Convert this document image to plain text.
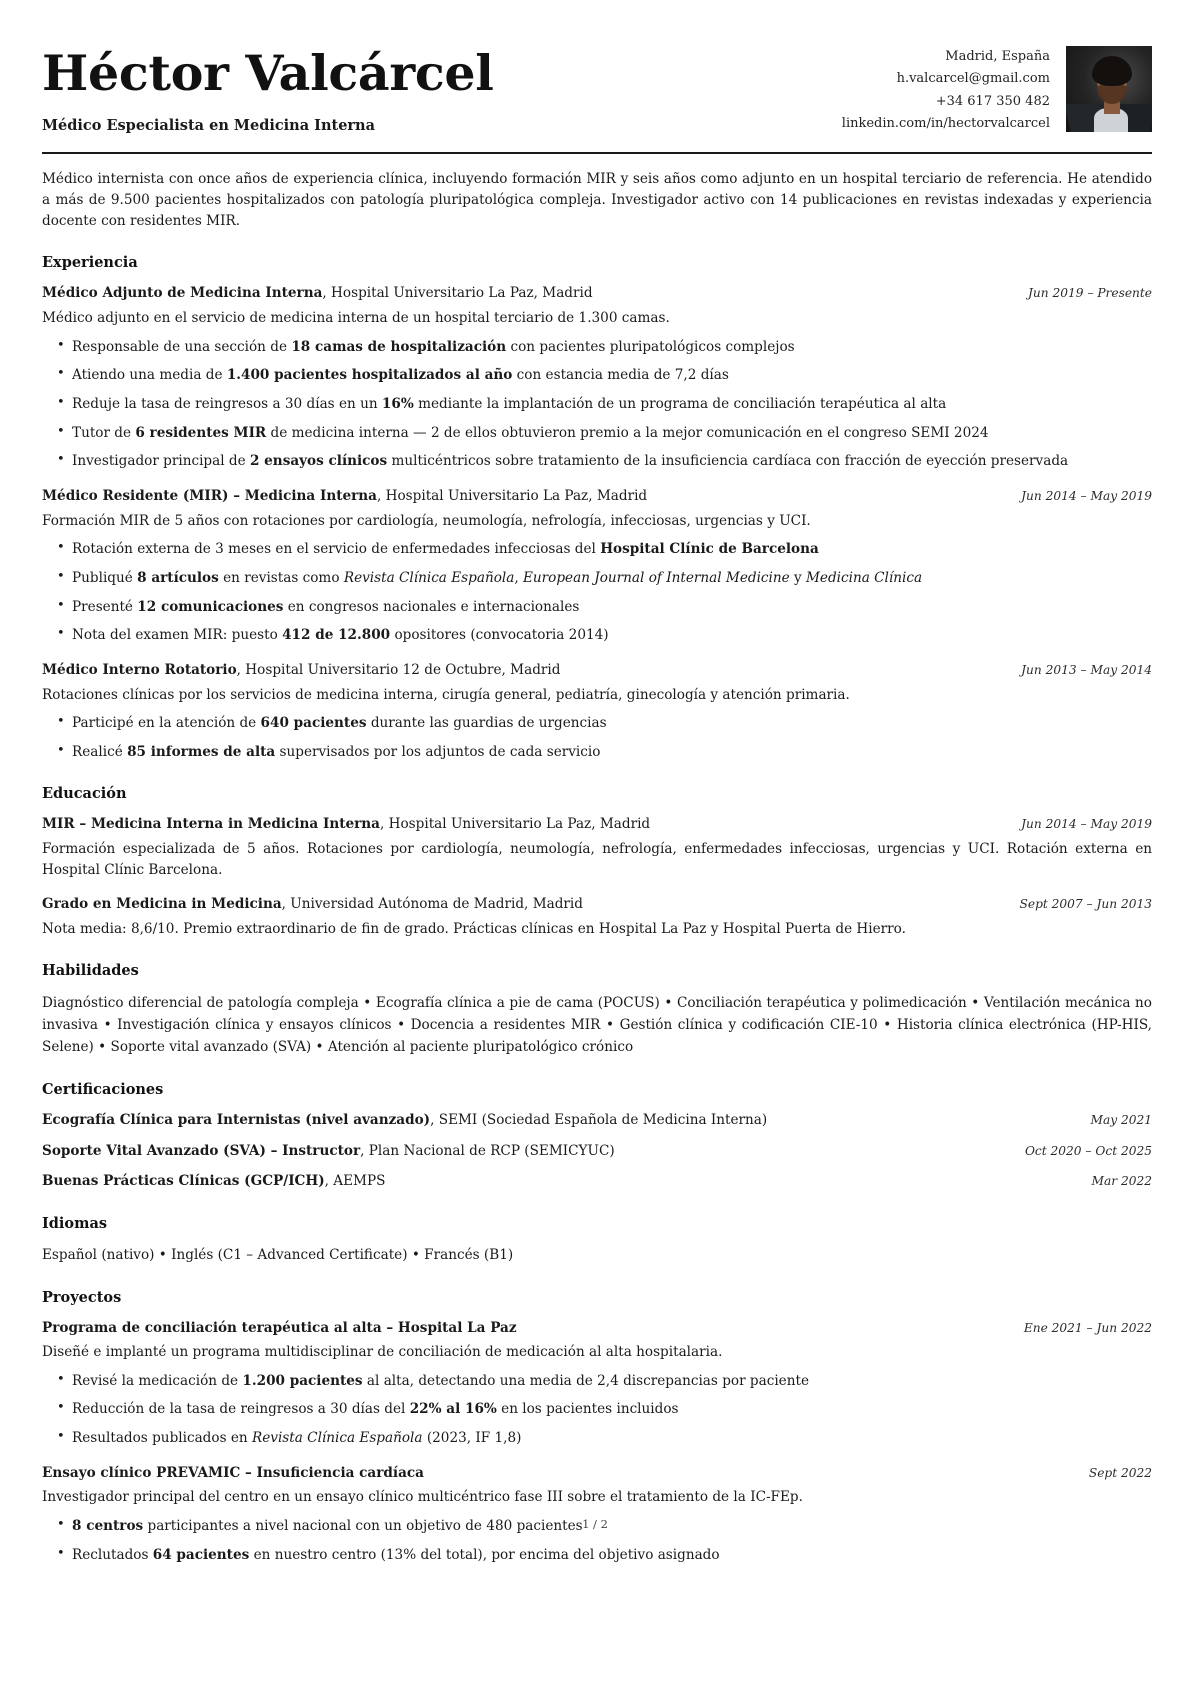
Héctor Valcárcel

Médico Especialista en Medicina Interna

Madrid, España
h.valcarcel@gmail.com
+34 617 350 482
linkedin.com/in/hectorvalcarcel

Médico internista con once años de experiencia clínica, incluyendo formación MIR y seis años como adjunto en un hospital terciario de referencia. He atendido a más de 9.500 pacientes hospitalizados con patología pluripatológica compleja. Investigador activo con 14 publicaciones en revistas indexadas y experiencia docente con residentes MIR.

Experiencia
Médico Adjunto de Medicina Interna, Hospital Universitario La Paz, Madrid	Jun 2019 – Presente

Médico adjunto en el servicio de medicina interna de un hospital terciario de 1.300 camas.

• Responsable de una sección de 18 camas de hospitalización con pacientes pluripatológicos complejos
• Atiendo una media de 1.400 pacientes hospitalizados al año con estancia media de 7,2 días
• Reduje la tasa de reingresos a 30 días en un 16% mediante la implantación de un programa de conciliación terapéutica al alta
• Tutor de 6 residentes MIR de medicina interna — 2 de ellos obtuvieron premio a la mejor comunicación en el congreso SEMI 2024
• Investigador principal de 2 ensayos clínicos multicéntricos sobre tratamiento de la insuficiencia cardíaca con fracción de eyección preservada
Médico Residente (MIR) – Medicina Interna, Hospital Universitario La Paz, Madrid	Jun 2014 – May 2019

Formación MIR de 5 años con rotaciones por cardiología, neumología, nefrología, infecciosas, urgencias y UCI.

• Rotación externa de 3 meses en el servicio de enfermedades infecciosas del Hospital Clínic de Barcelona
• Publiqué 8 artículos en revistas como Revista Clínica Española, European Journal of Internal Medicine y Medicina Clínica
• Presenté 12 comunicaciones en congresos nacionales e internacionales
• Nota del examen MIR: puesto 412 de 12.800 opositores (convocatoria 2014)
Médico Interno Rotatorio, Hospital Universitario 12 de Octubre, Madrid	Jun 2013 – May 2014

Rotaciones clínicas por los servicios de medicina interna, cirugía general, pediatría, ginecología y atención primaria.

• Participé en la atención de 640 pacientes durante las guardias de urgencias
• Realicé 85 informes de alta supervisados por los adjuntos de cada servicio
Educación
MIR – Medicina Interna in Medicina Interna, Hospital Universitario La Paz, Madrid	Jun 2014 – May 2019

Formación especializada de 5 años. Rotaciones por cardiología, neumología, nefrología, enfermedades infecciosas, urgencias y UCI. Rotación externa en Hospital Clínic Barcelona.

Grado en Medicina in Medicina, Universidad Autónoma de Madrid, Madrid	Sept 2007 – Jun 2013

Nota media: 8,6/10. Premio extraordinario de fin de grado. Prácticas clínicas en Hospital La Paz y Hospital Puerta de Hierro.

Habilidades

Diagnóstico diferencial de patología compleja • Ecografía clínica a pie de cama (POCUS) • Conciliación terapéutica y polimedicación • Ventilación mecánica no invasiva • Investigación clínica y ensayos clínicos • Docencia a residentes MIR • Gestión clínica y codificación CIE-10 • Historia clínica electrónica (HP-HIS, Selene) • Soporte vital avanzado (SVA) • Atención al paciente pluripatológico crónico

Certificaciones
Ecografía Clínica para Internistas (nivel avanzado), SEMI (Sociedad Española de Medicina Interna)	May 2021
Soporte Vital Avanzado (SVA) – Instructor, Plan Nacional de RCP (SEMICYUC)	Oct 2020 – Oct 2025
Buenas Prácticas Clínicas (GCP/ICH), AEMPS	Mar 2022
Idiomas

Español (nativo) • Inglés (C1 – Advanced Certificate) • Francés (B1)

Proyectos
Programa de conciliación terapéutica al alta – Hospital La Paz	Ene 2021 – Jun 2022

Diseñé e implanté un programa multidisciplinar de conciliación de medicación al alta hospitalaria.

• Revisé la medicación de 1.200 pacientes al alta, detectando una media de 2,4 discrepancias por paciente
• Reducción de la tasa de reingresos a 30 días del 22% al 16% en los pacientes incluidos
• Resultados publicados en Revista Clínica Española (2023, IF 1,8)
Ensayo clínico PREVAMIC – Insuficiencia cardíaca	Sept 2022

Investigador principal del centro en un ensayo clínico multicéntrico fase III sobre el tratamiento de la IC-FEp.

• 8 centros participantes a nivel nacional con un objetivo de 480 pacientes
• Reclutados 64 pacientes en nuestro centro (13% del total), por encima del objetivo asignado
1 / 2
